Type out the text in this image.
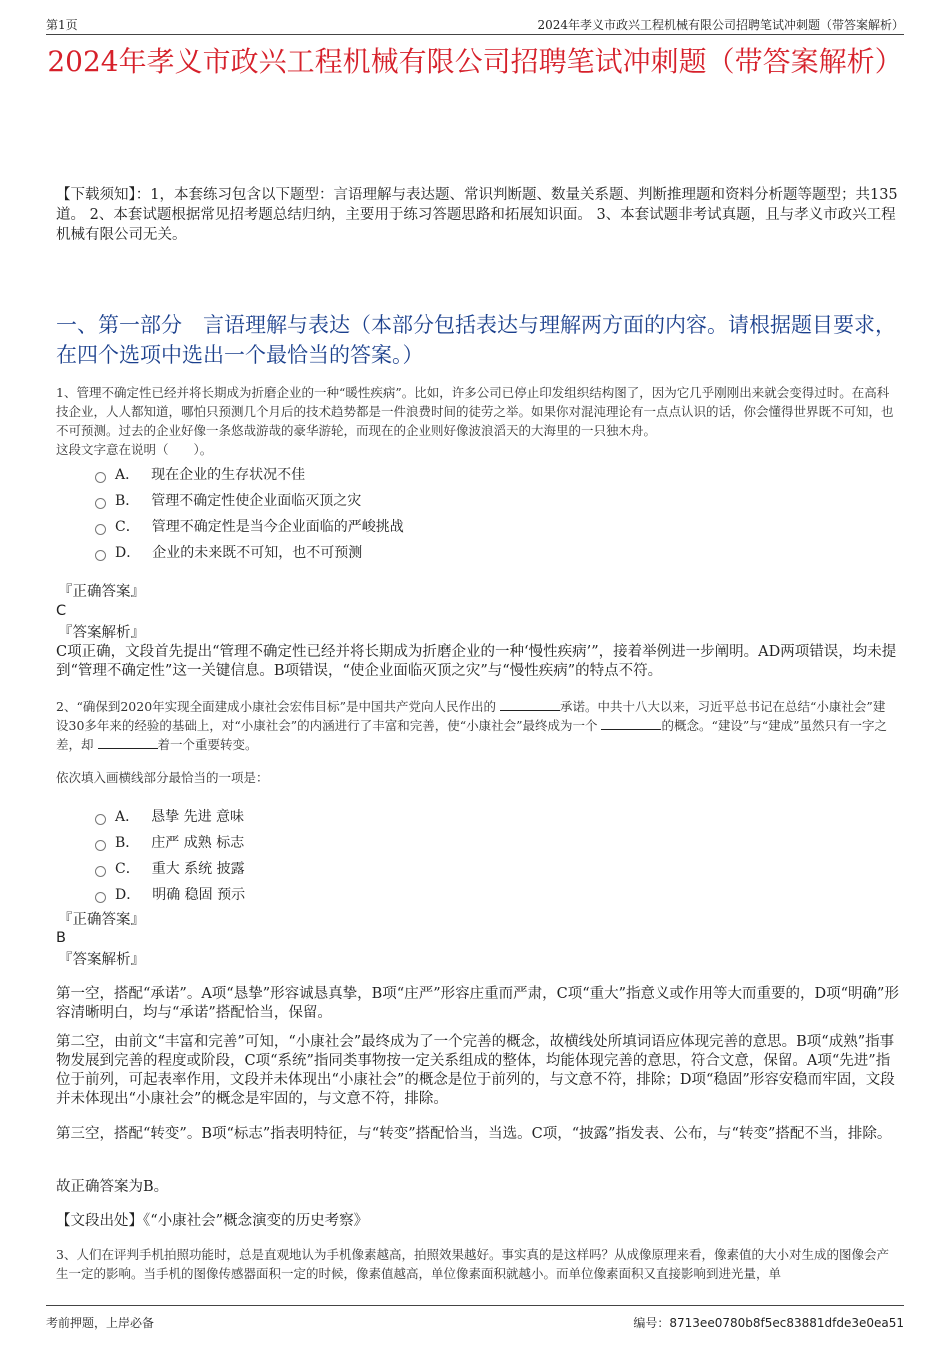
第1页	2024年孝义市政兴工程机械有限公司招聘笔试冲刺题（带答案解析）
2024年孝义市政兴工程机械有限公司招聘笔试冲刺题（带答案解析）
【下载须知】：1，本套练习包含以下题型：言语理解与表达题、常识判断题、数量关系题、判断推理题和资料分析题等题型；共135道。 2、本套试题根据常见招考题总结归纳，主要用于练习答题思路和拓展知识面。 3、本套试题非考试真题，且与孝义市政兴工程机械有限公司无关。
一、第一部分　言语理解与表达（本部分包括表达与理解两方面的内容。请根据题目要求，在四个选项中选出一个最恰当的答案。）
1、管理不确定性已经并将长期成为折磨企业的一种“暖性疾病”。比如，许多公司已停止印发组织结构图了，因为它几乎刚刚出来就会变得过时。在高科技企业，人人都知道，哪怕只预测几个月后的技术趋势都是一件浪费时间的徒劳之举。如果你对混沌理论有一点点认识的话，你会懂得世界既不可知，也不可预测。过去的企业好像一条悠哉游哉的豪华游轮，而现在的企业则好像波浪滔天的大海里的一只独木舟。
这段文字意在说明（　　）。
A． 现在企业的生存状况不佳
B． 管理不确定性使企业面临灭顶之灾
C． 管理不确定性是当今企业面临的严峻挑战
D． 企业的未来既不可知，也不可预测
『正确答案』
C
『答案解析』
C项正确，文段首先提出“管理不确定性已经并将长期成为折磨企业的一种‘慢性疾病’”，接着举例进一步阐明。AD两项错误，均未提到“管理不确定性”这一关键信息。B项错误，“使企业面临灭顶之灾”与“慢性疾病”的特点不符。
2、“确保到2020年实现全面建成小康社会宏伟目标”是中国共产党向人民作出的	承诺。中共十八大以来，习近平总书记在总结“小康社会”建设30多年来的经验的基础上，对“小康社会”的内涵进行了丰富和完善，使“小康社会”最终成为一个	的概念。“建设”与“建成”虽然只有一字之差，却	着一个重要转变。
依次填入画横线部分最恰当的一项是：
A． 恳挚 先进 意味
B． 庄严 成熟 标志
C． 重大 系统 披露
D． 明确 稳固 预示
『正确答案』
B
『答案解析』
第一空，搭配“承诺”。A项“恳挚”形容诚恳真挚，B项“庄严”形容庄重而严肃，C项“重大”指意义或作用等大而重要的，D项“明确”形容清晰明白，均与“承诺”搭配恰当，保留。
第二空，由前文“丰富和完善”可知，“小康社会”最终成为了一个完善的概念，故横线处所填词语应体现完善的意思。B项“成熟”指事物发展到完善的程度或阶段，C项“系统”指同类事物按一定关系组成的整体，均能体现完善的意思，符合文意，保留。A项“先进”指位于前列，可起表率作用，文段并未体现出“小康社会”的概念是位于前列的，与文意不符，排除；D项“稳固”形容安稳而牢固，文段并未体现出“小康社会”的概念是牢固的，与文意不符，排除。
第三空，搭配“转变”。B项“标志”指表明特征，与“转变”搭配恰当，当选。C项，“披露”指发表、公布，与“转变”搭配不当，排除。
故正确答案为B。
【文段出处】《“小康社会”概念演变的历史考察》
3、人们在评判手机拍照功能时，总是直观地认为手机像素越高，拍照效果越好。事实真的是这样吗？从成像原理来看，像素值的大小对生成的图像会产生一定的影响。当手机的图像传感器面积一定的时候，像素值越高，单位像素面积就越小。而单位像素面积又直接影响到进光量，单
考前押题，上岸必备	编号：8713ee0780b8f5ec83881dfde3e0ea51
